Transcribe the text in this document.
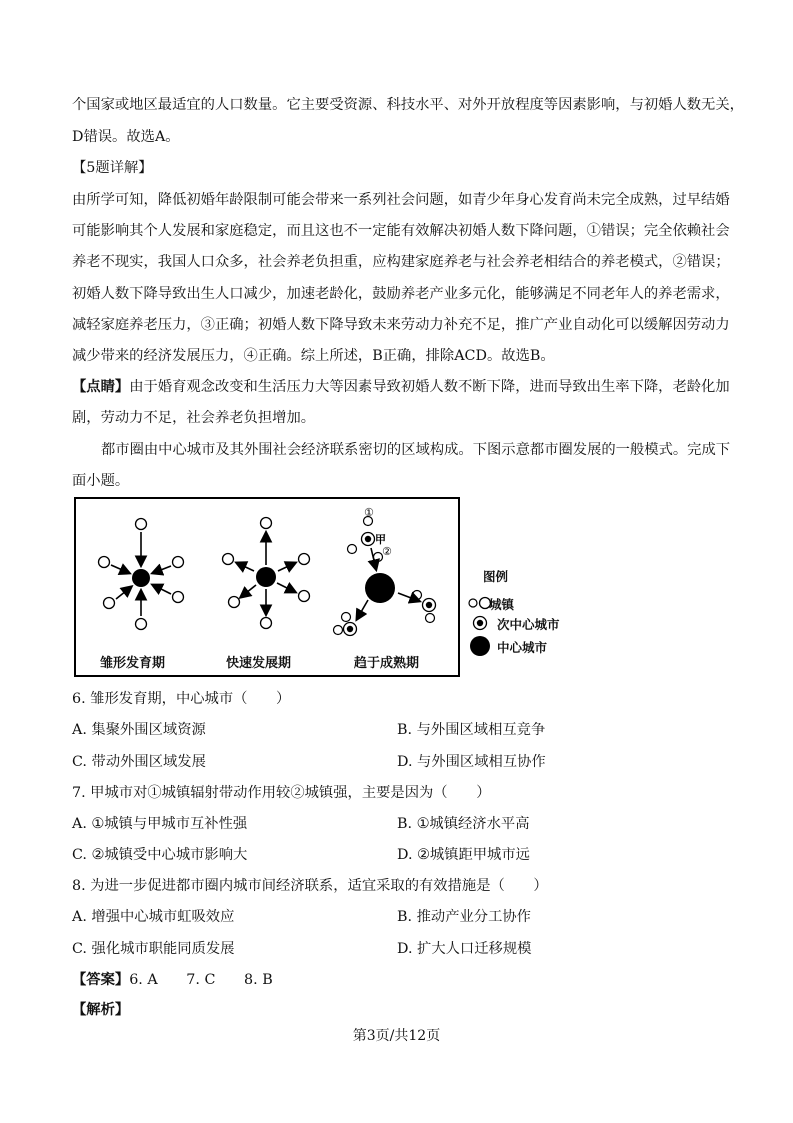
个国家或地区最适宜的人口数量。它主要受资源、科技水平、对外开放程度等因素影响，与初婚人数无关，
D错误。故选A。
【5题详解】
由所学可知，降低初婚年龄限制可能会带来一系列社会问题，如青少年身心发育尚未完全成熟，过早结婚
可能影响其个人发展和家庭稳定，而且这也不一定能有效解决初婚人数下降问题，①错误；完全依赖社会
养老不现实，我国人口众多，社会养老负担重，应构建家庭养老与社会养老相结合的养老模式，②错误；
初婚人数下降导致出生人口减少，加速老龄化，鼓励养老产业多元化，能够满足不同老年人的养老需求，
减轻家庭养老压力，③正确；初婚人数下降导致未来劳动力补充不足，推广产业自动化可以缓解因劳动力
减少带来的经济发展压力，④正确。综上所述，B正确，排除ACD。故选B。
【点睛】由于婚育观念改变和生活压力大等因素导致初婚人数不断下降，进而导致出生率下降，老龄化加
剧，劳动力不足，社会养老负担增加。
都市圈由中心城市及其外围社会经济联系密切的区域构成。下图示意都市圈发展的一般模式。完成下
面小题。
①
甲
②
雏形发育期	快速发展期	趋于成熟期
图例
城镇
次中心城市
中心城市
6. 雏形发育期，中心城市（　　）
A. 集聚外围区域资源	B. 与外围区域相互竞争
C. 带动外围区域发展	D. 与外围区域相互协作
7. 甲城市对①城镇辐射带动作用较②城镇强，主要是因为（　　）
A. ①城镇与甲城市互补性强	B. ①城镇经济水平高
C. ②城镇受中心城市影响大	D. ②城镇距甲城市远
8. 为进一步促进都市圈内城市间经济联系，适宜采取的有效措施是（　　）
A. 增强中心城市虹吸效应	B. 推动产业分工协作
C. 强化城市职能同质发展	D. 扩大人口迁移规模
【答案】6. A　　7. C　　8. B
【解析】
第3页/共12页
